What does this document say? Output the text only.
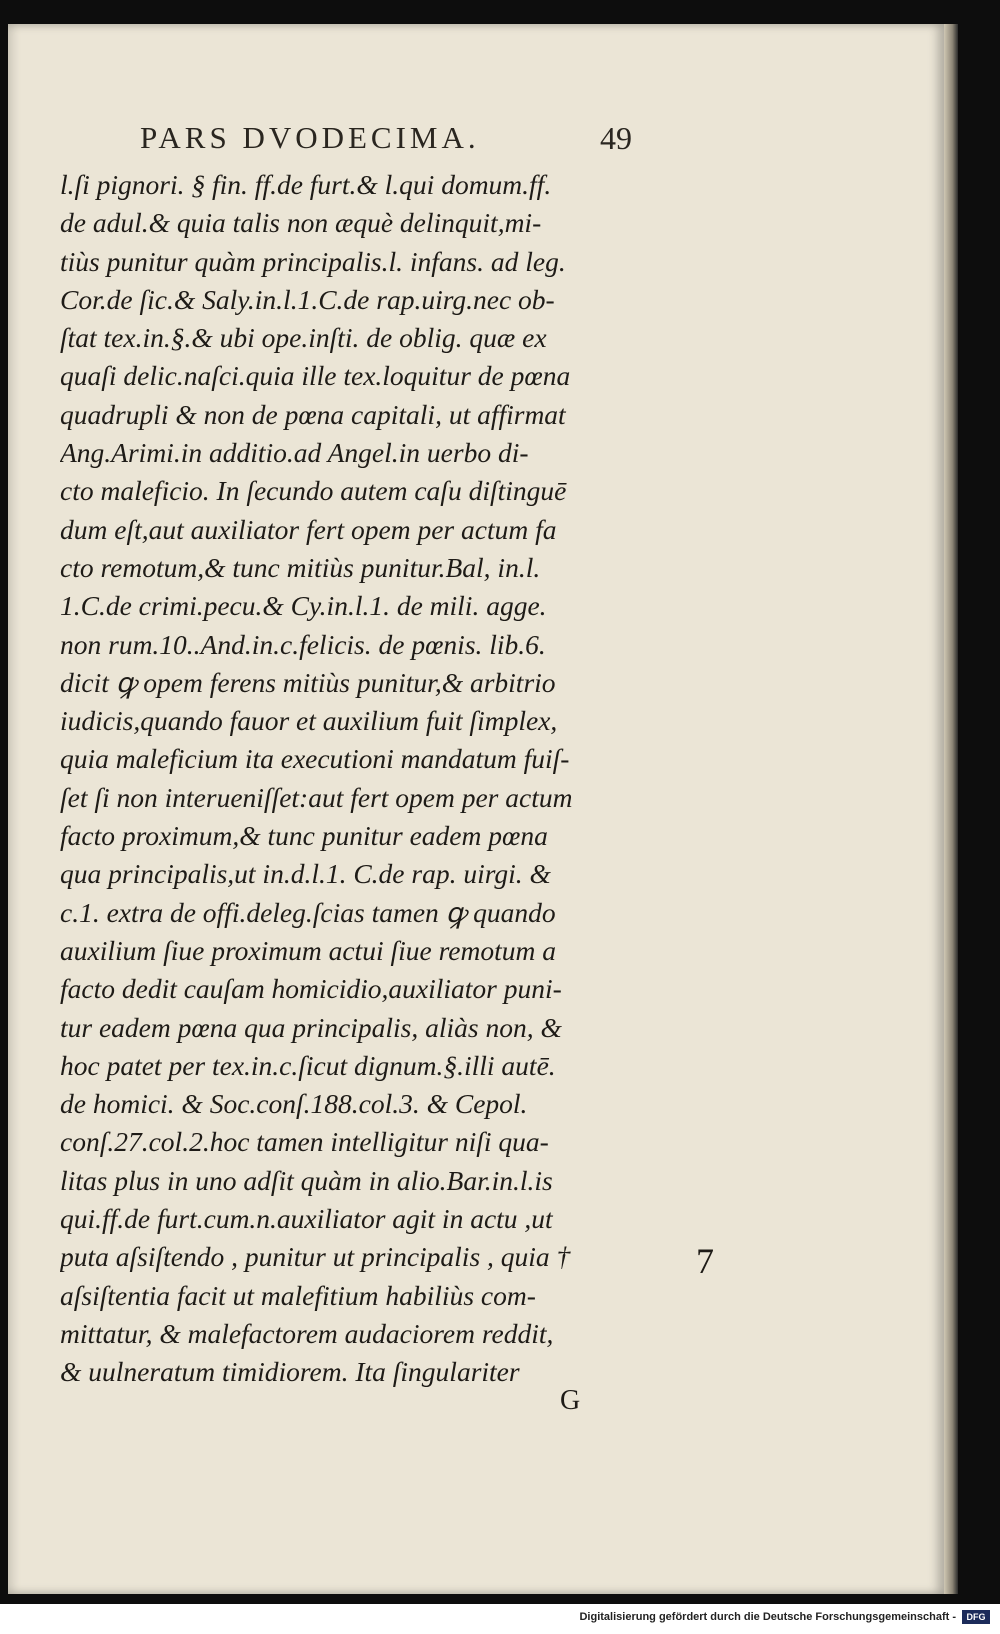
PARS DVODECIMA.	49
l.ſi pignori. § fin. ff.de furt.& l.qui domum.ff.
de adul.& quia talis non æquè delinquit,mi-
tiùs punitur quàm principalis.l. infans. ad leg.
Cor.de ſic.& Saly.in.l.1.C.de rap.uirg.nec ob-
ſtat tex.in.§.& ubi ope.inſti. de oblig. quæ ex
quaſi delic.naſci.quia ille tex.loquitur de pœna
quadrupli & non de pœna capitali, ut affirmat
Ang.Arimi.in additio.ad Angel.in uerbo di-
cto maleficio. In ſecundo autem caſu diſtinguē
dum eſt,aut auxiliator fert opem per actum fa
cto remotum,& tunc mitiùs punitur.Bal, in.l.
1.C.de crimi.pecu.& Cy.in.l.1. de mili. agge.
non rum.10..And.in.c.felicis. de pœnis. lib.6.
dicit ꝙ opem ferens mitiùs punitur,& arbitrio
iudicis,quando fauor et auxilium fuit ſimplex,
quia maleficium ita executioni mandatum fuiſ-
ſet ſi non interueniſſet:aut fert opem per actum
facto proximum,& tunc punitur eadem pœna
qua principalis,ut in.d.l.1. C.de rap. uirgi. &
c.1. extra de offi.deleg.ſcias tamen ꝙ quando
auxilium ſiue proximum actui ſiue remotum a
facto dedit cauſam homicidio,auxiliator puni-
tur eadem pœna qua principalis, aliàs non, &
hoc patet per tex.in.c.ſicut dignum.§.illi autē.
de homici. & Soc.conſ.188.col.3. & Cepol.
conſ.27.col.2.hoc tamen intelligitur niſi qua-
litas plus in uno adſit quàm in alio.Bar.in.l.is
qui.ff.de furt.cum.n.auxiliator agit in actu ,ut
puta aſsiſtendo , punitur ut principalis , quia †
aſsiſtentia facit ut malefitium habiliùs com-
mittatur, & malefactorem audaciorem reddit,
& uulneratum timidiorem. Ita ſingulariter
7
G
Digitalisierung gefördert durch die Deutsche Forschungsgemeinschaft -	DFG
